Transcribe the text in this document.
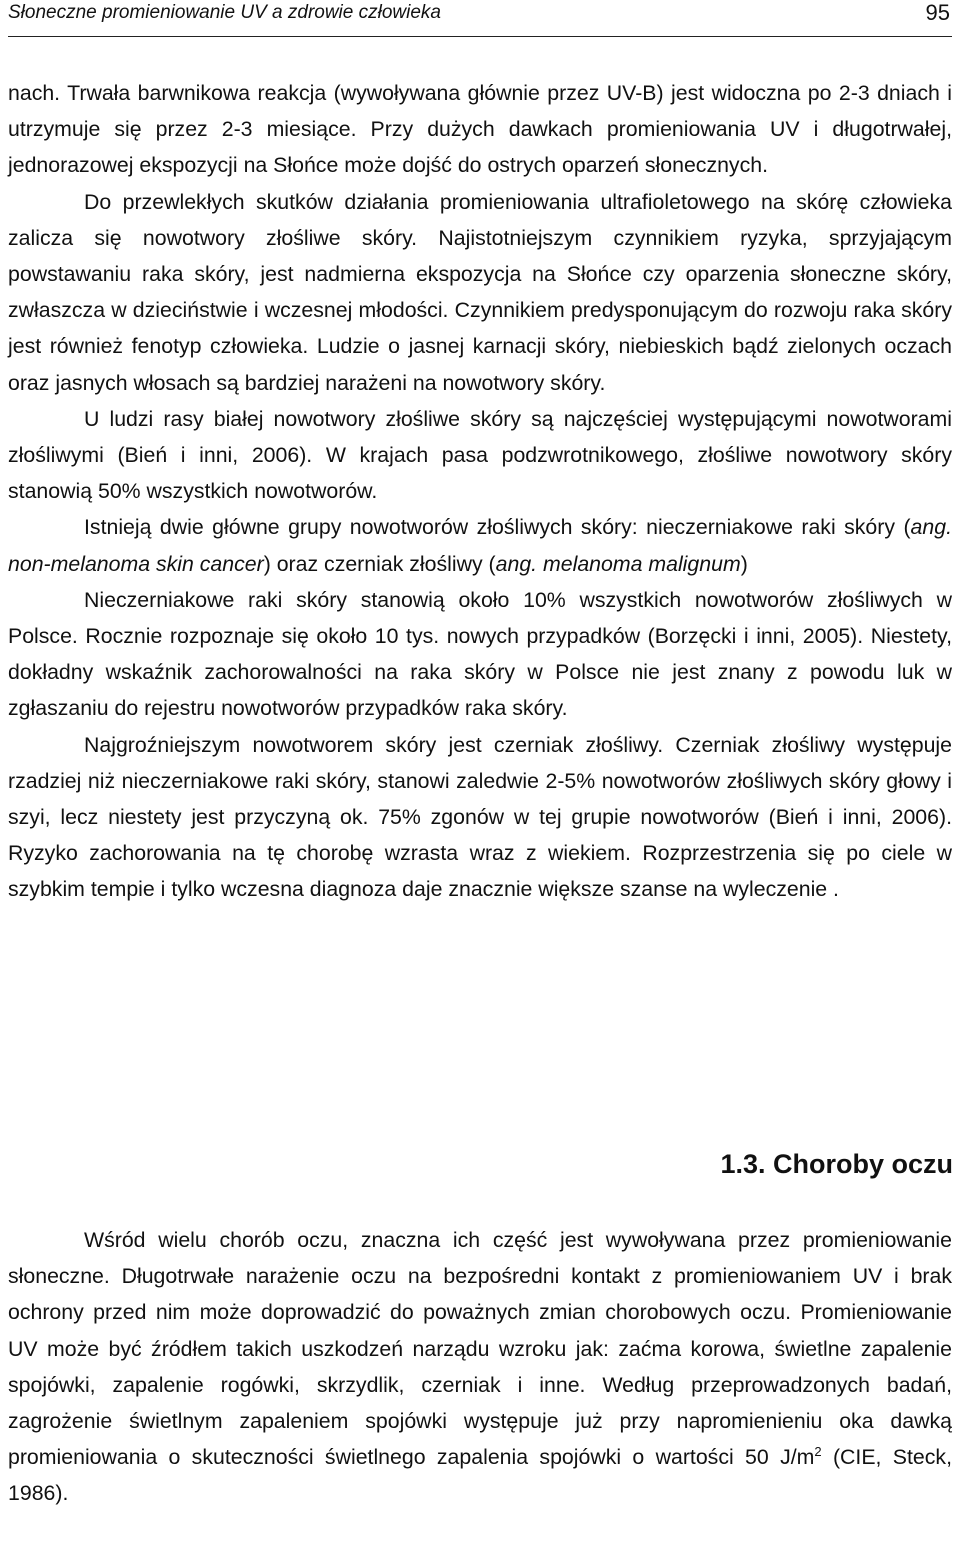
Słoneczne promieniowanie UV a zdrowie człowieka	95

nach. Trwała barwnikowa reakcja (wywoływana głównie przez UV-B) jest widoczna po 2-3 dniach i utrzymuje się przez 2-3 miesiące. Przy dużych dawkach promieniowania UV i długotrwałej, jednorazowej ekspozycji na Słońce może dojść do ostrych oparzeń słonecznych.

Do przewlekłych skutków działania promieniowania ultrafioletowego na skórę człowieka zalicza się nowotwory złośliwe skóry. Najistotniejszym czynnikiem ryzyka, sprzyjającym powstawaniu raka skóry, jest nadmierna ekspozycja na Słońce czy oparzenia słoneczne skóry, zwłaszcza w dzieciństwie i wczesnej młodości. Czynnikiem predysponującym do rozwoju raka skóry jest również fenotyp człowieka. Ludzie o jasnej karnacji skóry, niebieskich bądź zielonych oczach oraz jasnych włosach są bardziej narażeni na nowotwory skóry.

U ludzi rasy białej nowotwory złośliwe skóry są najczęściej występującymi nowotworami złośliwymi (Bień i inni, 2006). W krajach pasa podzwrotnikowego, złośliwe nowotwory skóry stanowią 50% wszystkich nowotworów.

Istnieją dwie główne grupy nowotworów złośliwych skóry: nieczerniakowe raki skóry (ang. non-melanoma skin cancer) oraz czerniak złośliwy (ang. melanoma malignum)

Nieczerniakowe raki skóry stanowią około 10% wszystkich nowotworów złośliwych w Polsce. Rocznie rozpoznaje się około 10 tys. nowych przypadków (Borzęcki i inni, 2005). Niestety, dokładny wskaźnik zachorowalności na raka skóry w Polsce nie jest znany z powodu luk w zgłaszaniu do rejestru nowotworów przypadków raka skóry.

Najgroźniejszym nowotworem skóry jest czerniak złośliwy. Czerniak złośliwy występuje rzadziej niż nieczerniakowe raki skóry, stanowi zaledwie 2-5% nowotworów złośliwych skóry głowy i szyi, lecz niestety jest przyczyną ok. 75% zgonów w tej grupie nowotworów (Bień i inni, 2006). Ryzyko zachorowania na tę chorobę wzrasta wraz z wiekiem. Rozprzestrzenia się po ciele w szybkim tempie i tylko wczesna diagnoza daje znacznie większe szanse na wyleczenie .

1.3. Choroby oczu

Wśród wielu chorób oczu, znaczna ich część jest wywoływana przez promieniowanie słoneczne. Długotrwałe narażenie oczu na bezpośredni kontakt z promieniowaniem UV i brak ochrony przed nim może doprowadzić do poważnych zmian chorobowych oczu. Promieniowanie UV może być źródłem takich uszkodzeń narządu wzroku jak: zaćma korowa, świetlne zapalenie spojówki, zapalenie rogówki, skrzydlik, czerniak i inne. Według przeprowadzonych badań, zagrożenie świetlnym zapaleniem spojówki występuje już przy napromienieniu oka dawką promieniowania o skuteczności świetlnego zapalenia spojówki o wartości 50 $J/m^2$ (CIE, Steck, 1986).
